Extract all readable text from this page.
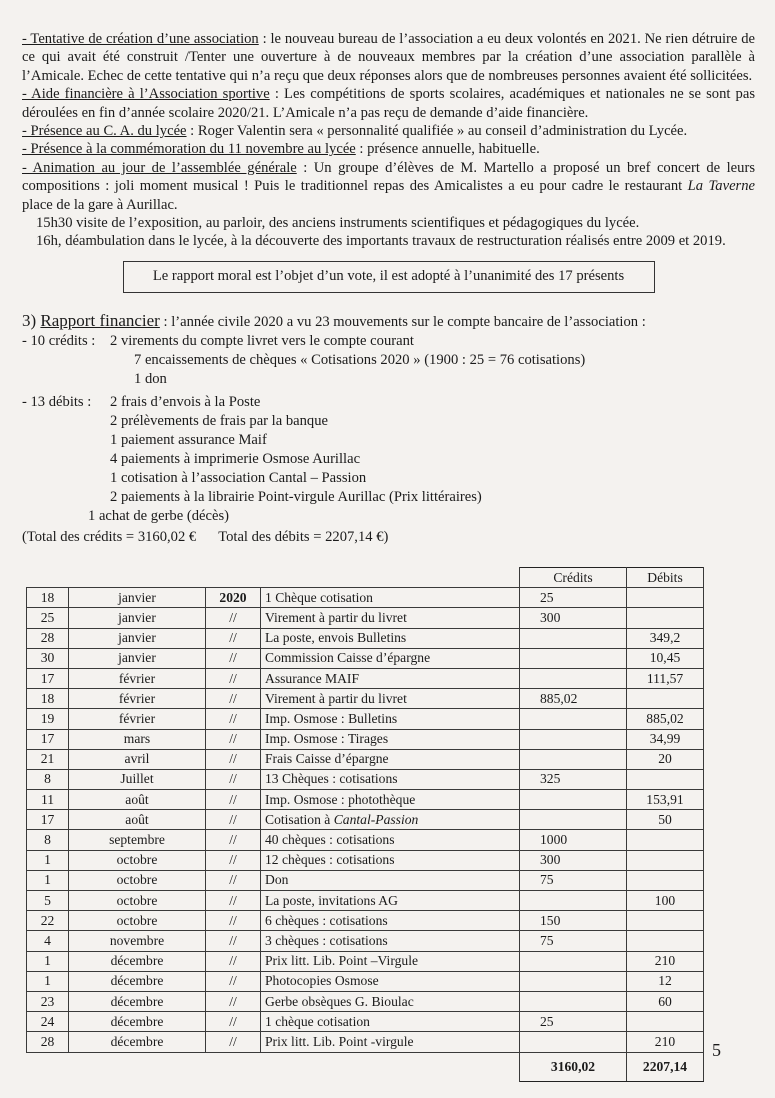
- Tentative de création d’une association : le nouveau bureau de l’association a eu deux volontés en 2021. Ne rien détruire de ce qui avait été construit /Tenter une ouverture à de nouveaux membres par la création d’une association parallèle à l’Amicale. Echec de cette tentative qui n’a reçu que deux réponses alors que de nombreuses personnes avaient été sollicitées.

- Aide financière à l’Association sportive : Les compétitions de sports scolaires, académiques et nationales ne se sont pas déroulées en fin d’année scolaire 2020/21. L’Amicale n’a pas reçu de demande d’aide financière.

- Présence au C. A. du lycée : Roger Valentin sera « personnalité qualifiée » au conseil d’administration du Lycée.

- Présence à la commémoration du 11 novembre au lycée : présence annuelle, habituelle.

- Animation au jour de l’assemblée générale : Un groupe d’élèves de M. Martello a proposé un bref concert de leurs compositions : joli moment musical ! Puis le traditionnel repas des Amicalistes a eu pour cadre le restaurant La Taverne place de la gare à Aurillac.

15h30 visite de l’exposition, au parloir, des anciens instruments scientifiques et pédagogiques du lycée.

16h, déambulation dans le lycée, à la découverte des importants travaux de restructuration réalisés entre 2009 et 2019.

Le rapport moral est l’objet d’un vote, il est adopté à l’unanimité des 17 présents
3) Rapport financier : l’année civile 2020 a vu 23 mouvements sur le compte bancaire de l’association :
- 10 crédits :	2 virements du compte livret vers le compte courant
7 encaissements de chèques « Cotisations 2020 » (1900 : 25 = 76 cotisations)
1 don
- 13 débits :	2 frais d’envois à la Poste
2 prélèvements de frais par la banque
1 paiement assurance Maif
4 paiements à imprimerie Osmose Aurillac
1 cotisation à l’association Cantal – Passion
2 paiements à la librairie Point-virgule Aurillac (Prix littéraires)
1 achat de gerbe (décès)
(Total des crédits = 3160,02 € Total des débits = 2207,14 €)
				Crédits	Débits
18	janvier	2020	1 Chèque cotisation	25	
25	janvier	//	Virement à partir du livret	300	
28	janvier	//	La poste, envois Bulletins		349,2
30	janvier	//	Commission Caisse d’épargne		10,45
17	février	//	Assurance MAIF		111,57
18	février	//	Virement à partir du livret	885,02	
19	février	//	Imp. Osmose : Bulletins		885,02
17	mars	//	Imp. Osmose : Tirages		34,99
21	avril	//	Frais Caisse d’épargne		20
8	Juillet	//	13 Chèques : cotisations	325	
11	août	//	Imp. Osmose : photothèque		153,91
17	août	//	Cotisation à Cantal-Passion		50
8	septembre	//	40 chèques : cotisations	1000	
1	octobre	//	12 chèques : cotisations	300	
1	octobre	//	Don	75	
5	octobre	//	La poste, invitations AG		100
22	octobre	//	6 chèques : cotisations	150	
4	novembre	//	3 chèques : cotisations	75	
1	décembre	//	Prix litt. Lib. Point –Virgule		210
1	décembre	//	Photocopies Osmose		12
23	décembre	//	Gerbe obsèques G. Bioulac		60
24	décembre	//	1 chèque cotisation	25	
28	décembre	//	Prix litt. Lib. Point -virgule		210
				3160,02	2207,14
5
